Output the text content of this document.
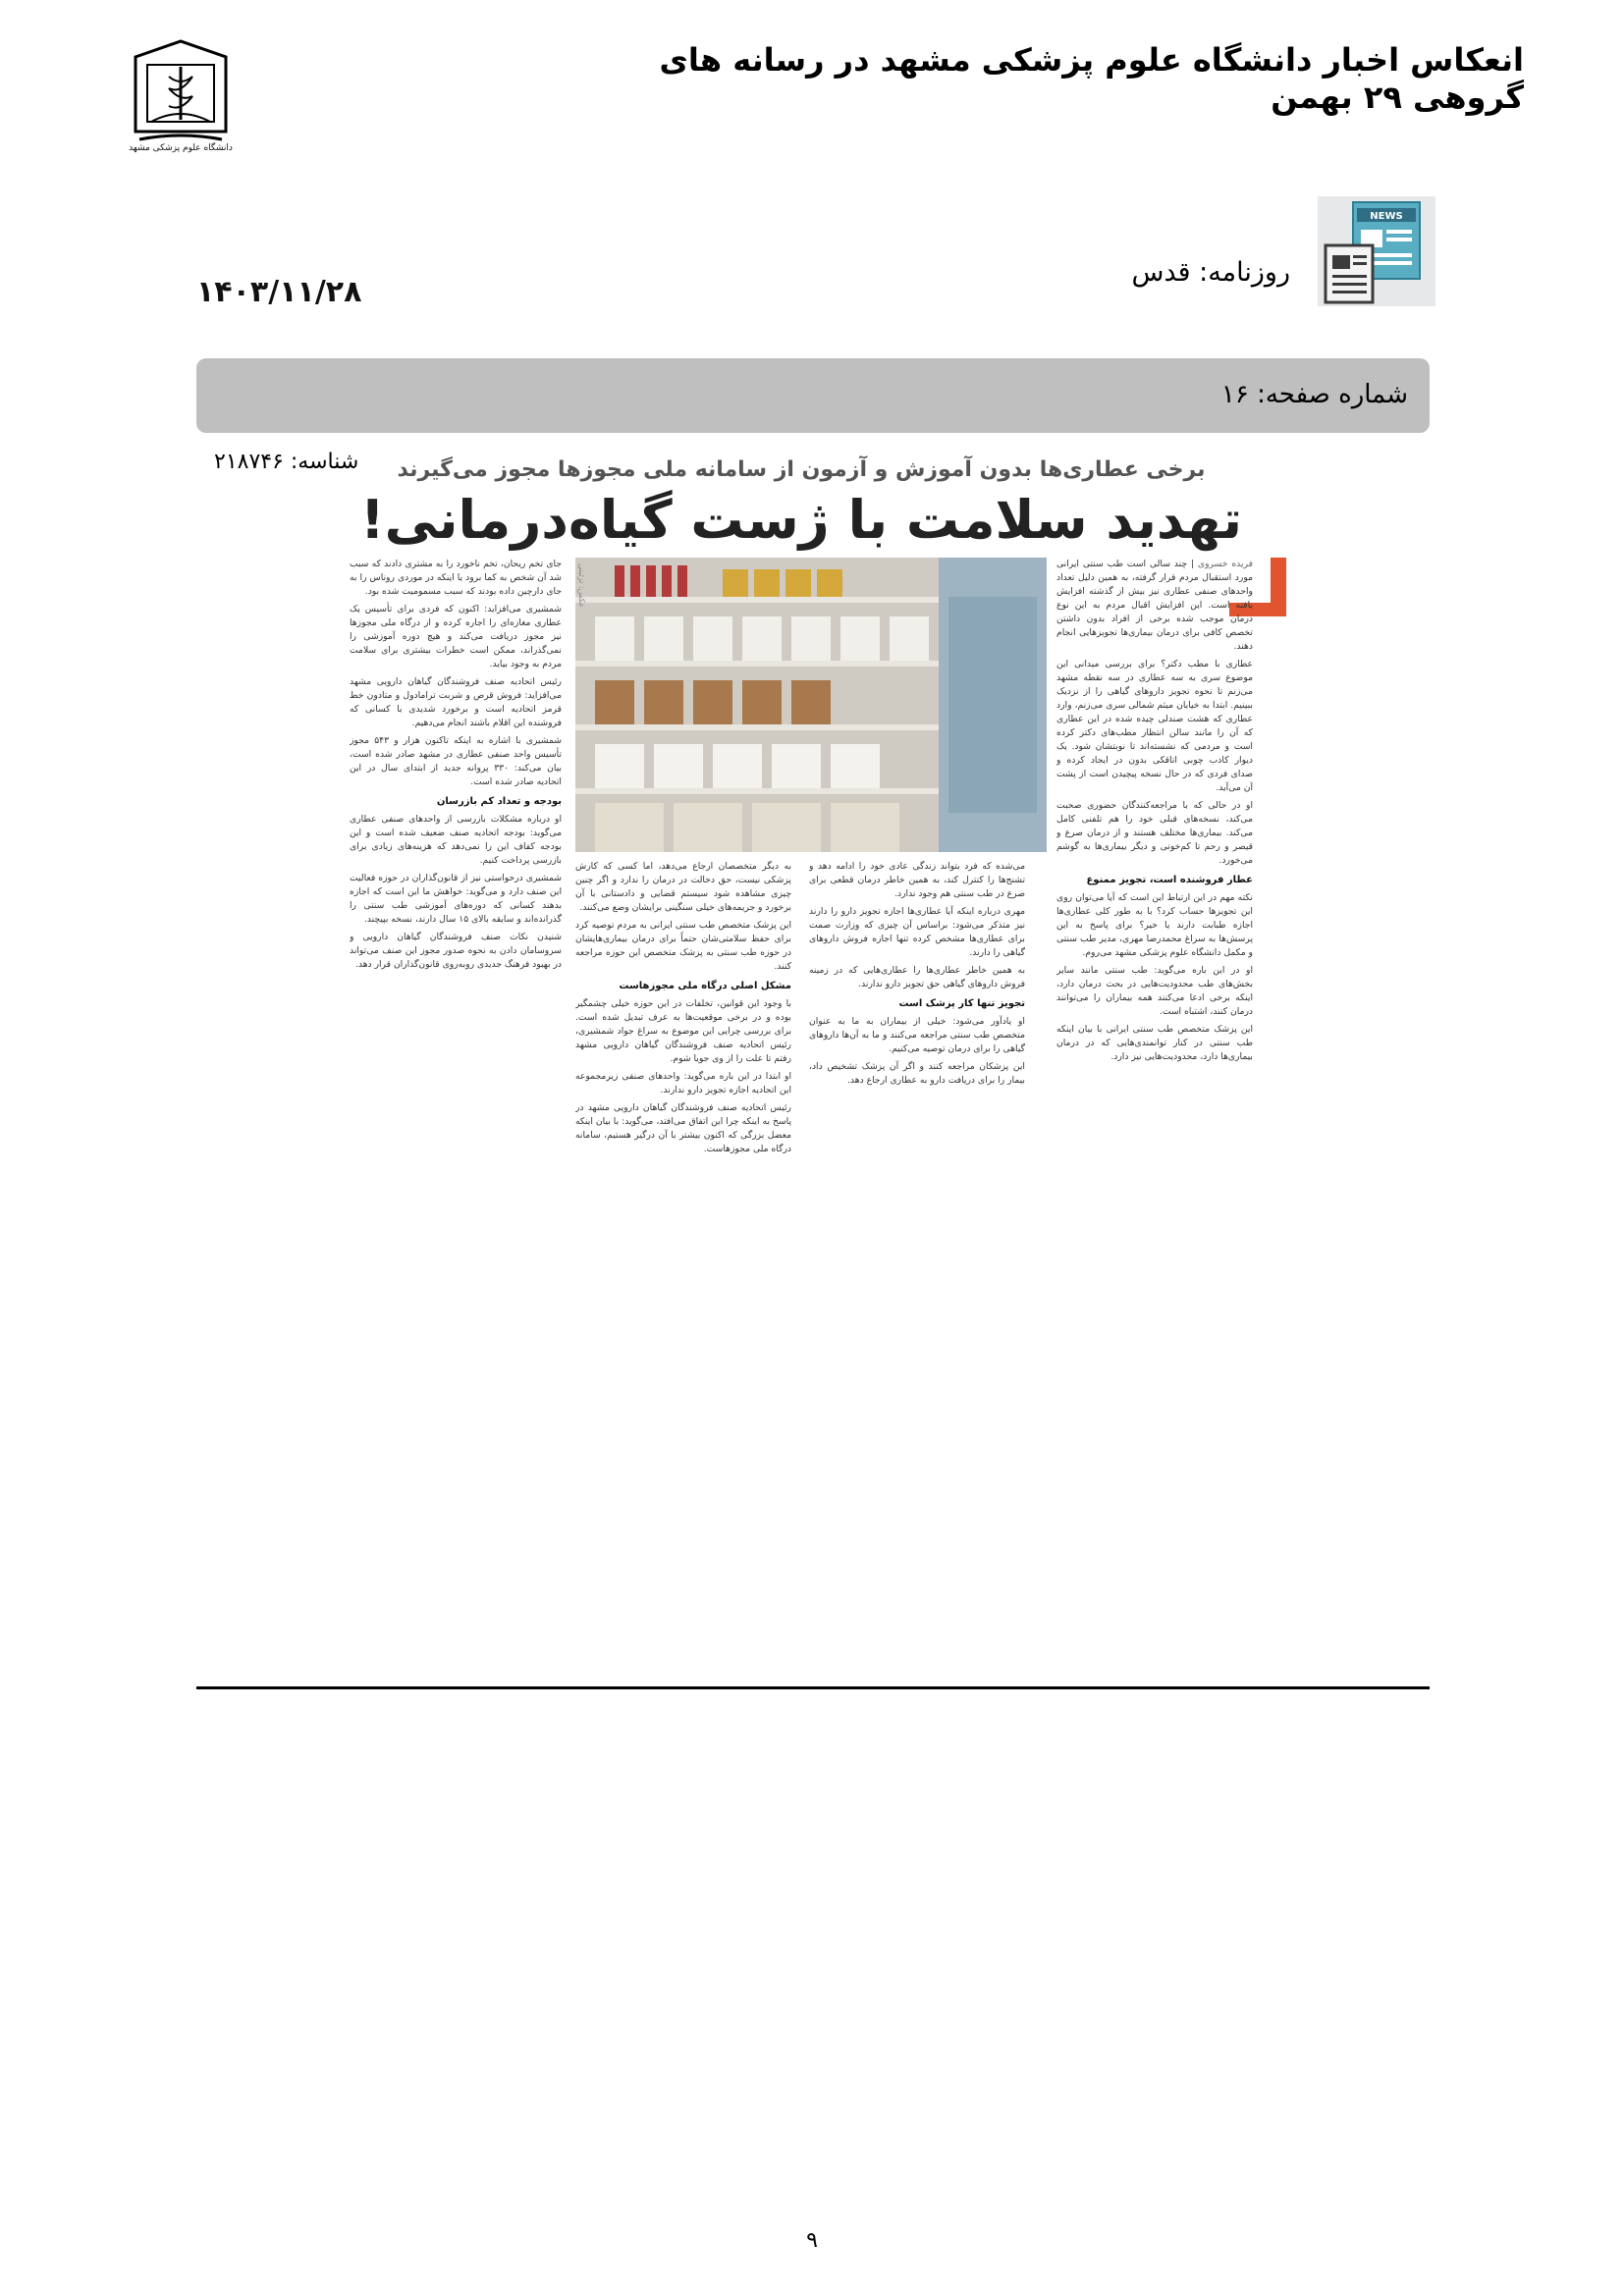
انعکاس اخبار دانشگاه علوم پزشکی مشهد در رسانه های گروهی ۲۹ بهمن
دانشگاه علوم پزشکی مشهد
NEWS
روزنامه: قدس
۱۴۰۳/۱۱/۲۸
شماره صفحه: ۱۶
شناسه: ۲۱۸۷۴۶	برخی عطاری‌ها بدون آموزش و آزمون از سامانه ملی مجوزها مجوز می‌گیرند
تهدید سلامت با ژست گیاه‌درمانی!

فریده خسروی | چند سالی است طب سنتی ایرانی مورد استقبال مردم قرار گرفته، به همین دلیل تعداد واحدهای صنفی عطاری نیز بیش از گذشته افزایش یافته است. این افزایش اقبال مردم به این نوع درمان موجب شده برخی از افراد بدون داشتن تخصص کافی برای درمان بیماری‌ها تجویزهایی انجام دهند.

عطاری با مطب دکتر؟ برای بررسی میدانی این موضوع سری به سه عطاری در سه نقطه مشهد می‌زنم تا نحوه تجویز داروهای گیاهی را از نزدیک ببینیم. ابتدا به خیابان میثم شمالی سری می‌زنم، وارد عطاری که هشت صندلی چیده شده در این عطاری که آن را مانند سالن انتظار مطب‌های دکتر کرده است و مردمی که نشسته‌اند تا نوبتشان شود. یک دیوار کاذب چوبی اتاقکی بدون در ایجاد کرده و صدای فردی که در حال نسخه پیچیدن است از پشت آن می‌آید.

او در حالی که با مراجعه‌کنندگان حضوری صحبت می‌کند، نسخه‌های قبلی خود را هم تلفنی کامل می‌کند. بیماری‌ها مختلف هستند و از درمان صرع و قیصر و رحم تا کم‌خونی و دیگر بیماری‌ها به گوشم می‌خورد.

عطار فروشنده است، تجویز ممنوع

نکته مهم در این ارتباط این است که آیا می‌توان روی این تجویزها حساب کرد؟ با به طور کلی عطاری‌ها اجازه طبابت دارند یا خیر؟ برای پاسخ به این پرسش‌ها به سراغ محمدرضا مهری، مدیر طب سنتی و مکمل دانشگاه علوم پزشکی مشهد می‌روم.

او در این باره می‌گوید: طب سنتی مانند سایر بخش‌های طب محدودیت‌هایی در بحث درمان دارد، اینکه برخی ادعا می‌کنند همه بیماران را می‌توانند درمان کنند، اشتباه است.

این پزشک متخصص طب سنتی ایرانی با بیان اینکه طب سنتی در کنار توانمندی‌هایی که در درمان بیماری‌ها دارد، محدودیت‌هایی نیز دارد.

عکس: تزئینی

می‌شده که فرد بتواند زندگی عادی خود را ادامه دهد و تشنج‌ها را کنترل کند، به همین خاطر درمان قطعی برای صرع در طب سنتی هم وجود ندارد.

مهری درباره اینکه آیا عطاری‌ها اجازه تجویز دارو را دارند نیز متذکر می‌شود: براساس آن چیزی که وزارت صمت برای عطاری‌ها مشخص کرده تنها اجازه فروش داروهای گیاهی را دارند.

به همین خاطر عطاری‌ها را عطاری‌هایی که در زمینه فروش داروهای گیاهی حق تجویز دارو ندارند.

تجویز تنها کار پزشک است

او یادآور می‌شود: خیلی از بیماران به ما به عنوان متخصص طب سنتی مراجعه می‌کنند و ما به آن‌ها داروهای گیاهی را برای درمان توصیه می‌کنیم.

این پزشکان مراجعه کنند و اگر آن پزشک تشخیص داد، بیمار را برای دریافت دارو به عطاری ارجاع دهد.

به دیگر متخصصان ارجاع می‌دهد، اما کسی که کارش پزشکی نیست، حق دخالت در درمان را ندارد و اگر چنین چیزی مشاهده شود سیستم قضایی و دادستانی با آن برخورد و جریمه‌های خیلی سنگینی برایشان وضع می‌کنند.

این پزشک متخصص طب سنتی ایرانی به مردم توصیه کرد برای حفظ سلامتی‌شان حتماً برای درمان بیماری‌هایشان در حوزه طب سنتی به پزشک متخصص این حوزه مراجعه کنند.

مشکل اصلی درگاه ملی مجوزهاست

با وجود این قوانین، تخلفات در این حوزه خیلی چشمگیر بوده و در برخی موقعیت‌ها به عرف تبدیل شده است. برای بررسی چرایی این موضوع به سراغ جواد شمشیری، رئیس اتحادیه صنف فروشندگان گیاهان دارویی مشهد رفتم تا علت را از وی جویا شوم.

او ابتدا در این باره می‌گوید: واحدهای صنفی زیرمجموعه این اتحادیه اجازه تجویز دارو ندارند.

رئیس اتحادیه صنف فروشندگان گیاهان دارویی مشهد در پاسخ به اینکه چرا این اتفاق می‌افتد، می‌گوید: با بیان اینکه معضل بزرگی که اکنون بیشتر با آن درگیر هستیم، سامانه درگاه ملی مجوزهاست.

جای تخم ریحان، تخم ناخورد را به مشتری دادند که سبب شد آن شخص به کما برود یا اینکه در موردی روناس را به جای دارچین داده بودند که سبب مسمومیت شده بود.

شمشیری می‌افزاید: اکنون که فردی برای تأسیس یک عطاری مغازه‌ای را اجاره کرده و از درگاه ملی مجوزها نیز مجوز دریافت می‌کند و هیچ دوره آموزشی را نمی‌گذراند، ممکن است خطرات بیشتری برای سلامت مردم به وجود بیاید.

رئیس اتحادیه صنف فروشندگان گیاهان دارویی مشهد می‌افزاید: فروش قرص و شربت ترامادول و متادون خط قرمز اتحادیه است و برخورد شدیدی با کسانی که فروشنده این اقلام باشند انجام می‌دهیم.

شمشیری با اشاره به اینکه تاکنون هزار و ۵۴۳ مجوز تأسیس واحد صنفی عطاری در مشهد صادر شده است، بیان می‌کند: ۳۳۰ پروانه جدید از ابتدای سال در این اتحادیه صادر شده است.

بودجه و تعداد کم بازرسان

او درباره مشکلات بازرسی از واحدهای صنفی عطاری می‌گوید: بودجه اتحادیه صنف ضعیف شده است و این بودجه کفاف این را نمی‌دهد که هزینه‌های زیادی برای بازرسی پرداخت کنیم.

شمشیری درخواستی نیز از قانون‌گذاران در حوزه فعالیت این صنف دارد و می‌گوید: خواهش ما این است که اجازه بدهند کسانی که دوره‌های آموزشی طب سنتی را گذرانده‌اند و سابقه بالای ۱۵ سال دارند، نسخه بپیچند.

شنیدن نکات صنف فروشندگان گیاهان دارویی و سروسامان دادن به نحوه صدور مجوز این صنف می‌تواند در بهبود فرهنگ جدیدی روبه‌روی قانون‌گذاران قرار دهد.

۹
